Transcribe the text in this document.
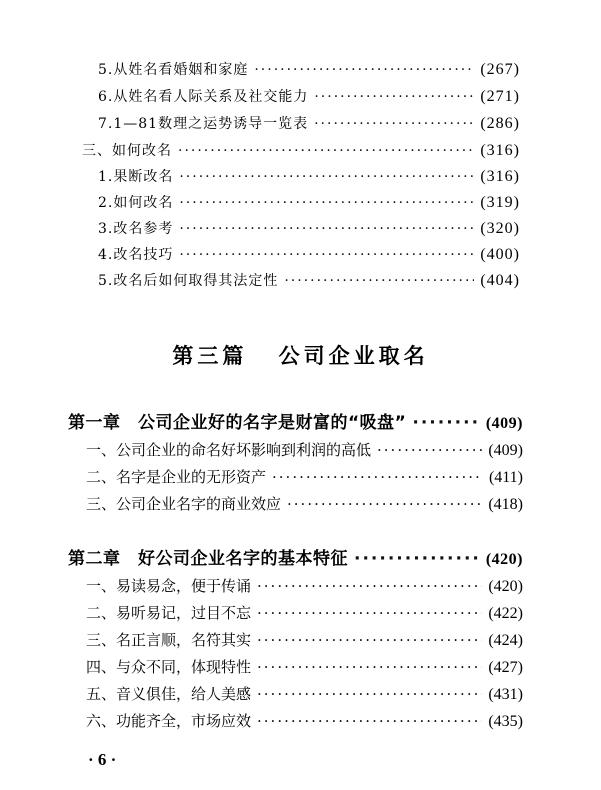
5.从姓名看婚姻和家庭 ·····	(267)
6.从姓名看人际关系及社交能力 ·····	(271)
7.1—81数理之运势诱导一览表 ·····	(286)
三、如何改名 ·····	(316)
1.果断改名 ·····	(316)
2.如何改名 ·····	(319)
3.改名参考 ·····	(320)
4.改名技巧 ·····	(400)
5.改名后如何取得其法定性 ·····	(404)
第三篇 公司企业取名
第一章　公司企业好的名字是财富的“吸盘” ·····	(409)
一、公司企业的命名好坏影响到利润的高低 ·····	(409)
二、名字是企业的无形资产 ·····	(411)
三、公司企业名字的商业效应 ·····	(418)
第二章　好公司企业名字的基本特征 ·····	(420)
一、易读易念，便于传诵 ·····	(420)
二、易听易记，过目不忘 ·····	(422)
三、名正言顺，名符其实 ·····	(424)
四、与众不同，体现特性 ·····	(427)
五、音义俱佳，给人美感 ·····	(431)
六、功能齐全，市场应效 ·····	(435)
· 6 ·
